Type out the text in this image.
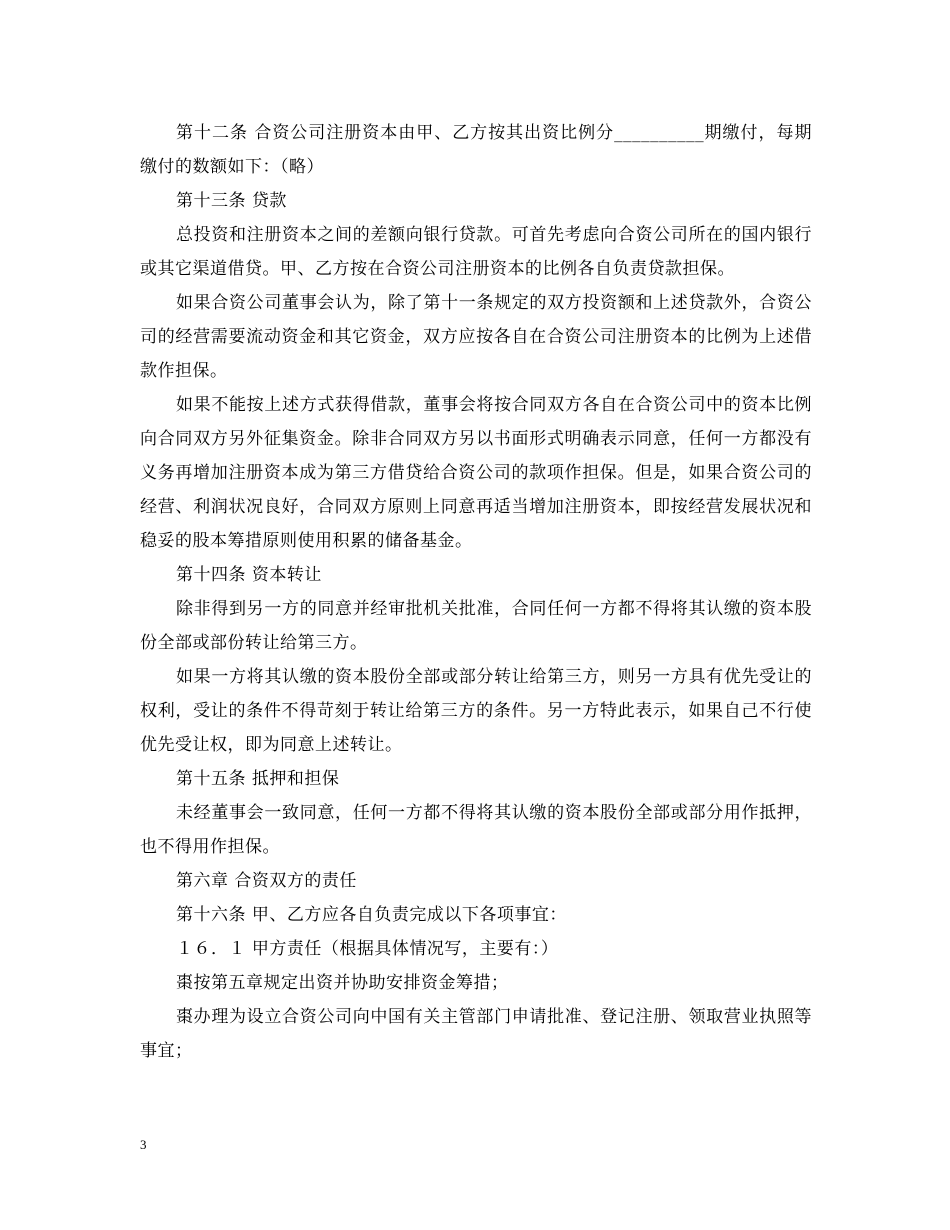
第十二条 合资公司注册资本由甲、乙方按其出资比例分__________期缴付，每期缴付的数额如下：（略）

第十三条 贷款

总投资和注册资本之间的差额向银行贷款。可首先考虑向合资公司所在的国内银行或其它渠道借贷。甲、乙方按在合资公司注册资本的比例各自负责贷款担保。

如果合资公司董事会认为，除了第十一条规定的双方投资额和上述贷款外，合资公司的经营需要流动资金和其它资金，双方应按各自在合资公司注册资本的比例为上述借款作担保。

如果不能按上述方式获得借款，董事会将按合同双方各自在合资公司中的资本比例向合同双方另外征集资金。除非合同双方另以书面形式明确表示同意，任何一方都没有义务再增加注册资本成为第三方借贷给合资公司的款项作担保。但是，如果合资公司的经营、利润状况良好，合同双方原则上同意再适当增加注册资本，即按经营发展状况和稳妥的股本筹措原则使用积累的储备基金。

第十四条 资本转让

除非得到另一方的同意并经审批机关批准，合同任何一方都不得将其认缴的资本股份全部或部份转让给第三方。

如果一方将其认缴的资本股份全部或部分转让给第三方，则另一方具有优先受让的权利，受让的条件不得苛刻于转让给第三方的条件。另一方特此表示，如果自己不行使优先受让权，即为同意上述转让。

第十五条 抵押和担保

未经董事会一致同意，任何一方都不得将其认缴的资本股份全部或部分用作抵押，也不得用作担保。

第六章 合资双方的责任

第十六条 甲、乙方应各自负责完成以下各项事宜：

１６．１ 甲方责任（根据具体情况写，主要有：）

棗按第五章规定出资并协助安排资金筹措；

棗办理为设立合资公司向中国有关主管部门申请批准、登记注册、领取营业执照等事宜；

3
